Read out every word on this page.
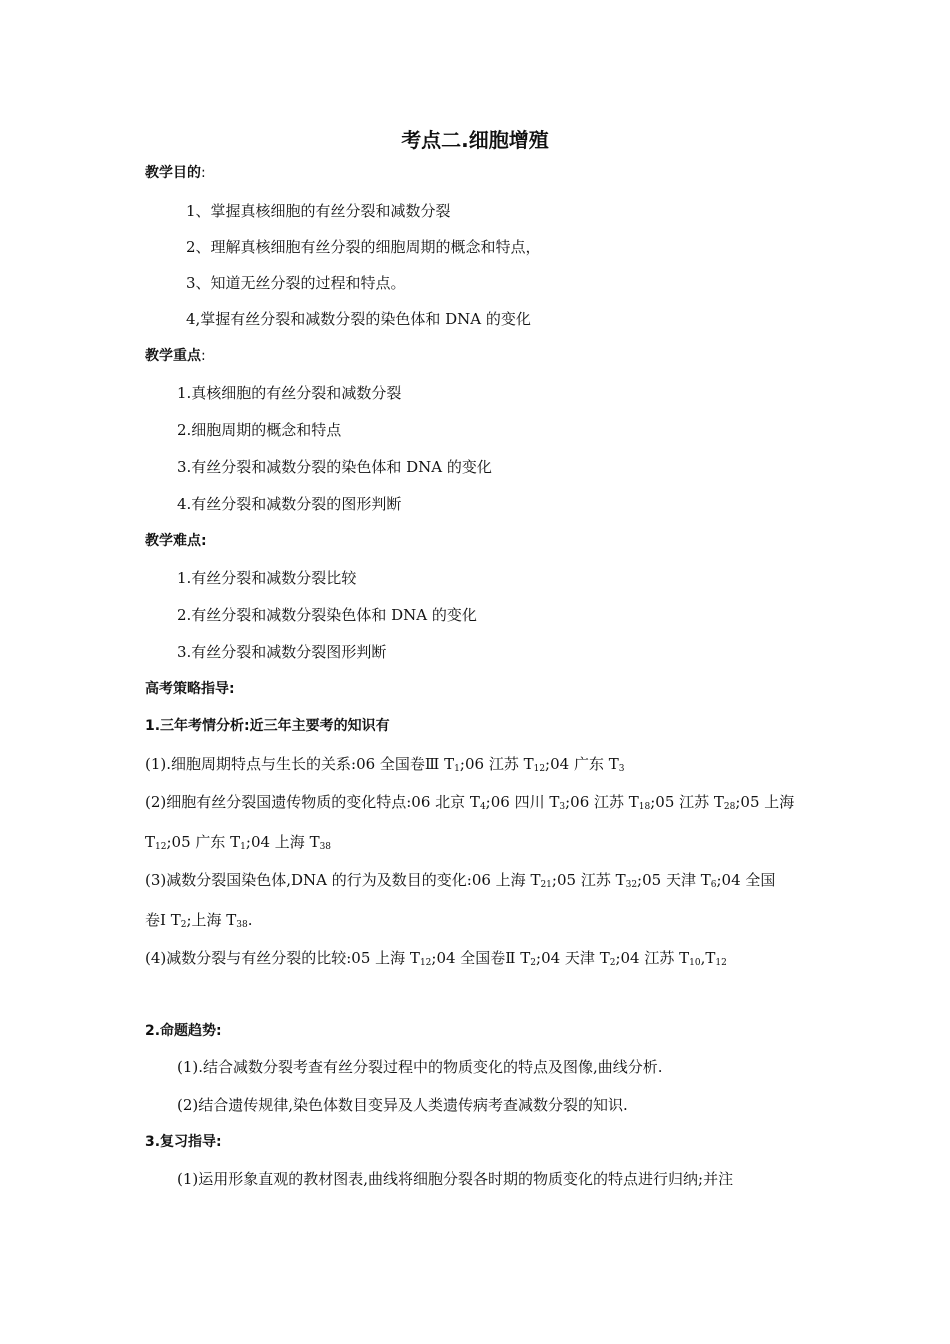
考点二.细胞增殖
教学目的:
1、掌握真核细胞的有丝分裂和减数分裂
2、理解真核细胞有丝分裂的细胞周期的概念和特点，
3、知道无丝分裂的过程和特点。
4,掌握有丝分裂和减数分裂的染色体和 DNA 的变化
教学重点:
1.真核细胞的有丝分裂和减数分裂
2.细胞周期的概念和特点
3.有丝分裂和减数分裂的染色体和 DNA 的变化
4.有丝分裂和减数分裂的图形判断
教学难点:
1.有丝分裂和减数分裂比较
2.有丝分裂和减数分裂染色体和 DNA 的变化
3.有丝分裂和减数分裂图形判断
高考策略指导:
1.三年考情分析:近三年主要考的知识有
(1).细胞周期特点与生长的关系:06 全国卷Ⅲ $T_1;06$ 江苏 $T_{12};04$ 广东 $T_3$
(2)细胞有丝分裂国遗传物质的变化特点:06 北京 $T_4;06$ 四川 $T_3;06$ 江苏 $T_{18};05$ 江苏 $T_{28};05$ 上海
$T_{12};05$ 广东 $T_1;04$ 上海 $T_{38}$
(3)减数分裂国染色体,DNA 的行为及数目的变化:06 上海 $T_{21};05$ 江苏 $T_{32};05$ 天津 $T_6;04$ 全国
卷Ⅰ $T_2$;上海 $T_{38}$.
(4)减数分裂与有丝分裂的比较:05 上海 $T_{12};04$ 全国卷Ⅱ $T_2;04$ 天津 $T_2;04$ 江苏 $T_{10},T_{12}$
2.命题趋势:
(1).结合减数分裂考查有丝分裂过程中的物质变化的特点及图像,曲线分析.
(2)结合遗传规律,染色体数目变异及人类遗传病考查减数分裂的知识.
3.复习指导:
(1)运用形象直观的教材图表,曲线将细胞分裂各时期的物质变化的特点进行归纳;并注
